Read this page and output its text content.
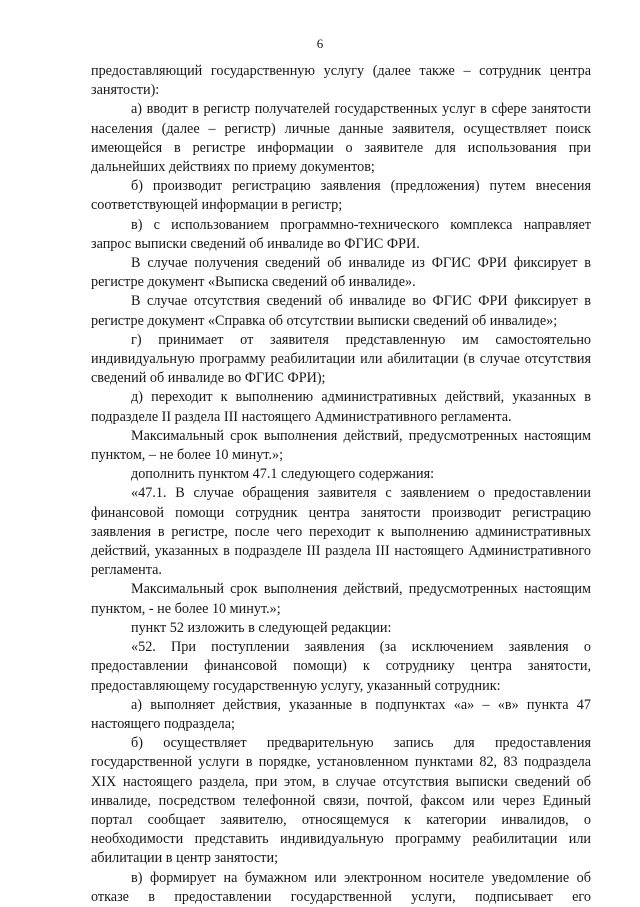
6

предоставляющий государственную услугу (далее также – сотрудник центра занятости):

а) вводит в регистр получателей государственных услуг в сфере занятости населения (далее – регистр) личные данные заявителя, осуществляет поиск имеющейся в регистре информации о заявителе для использования при дальнейших действиях по приему документов;

б) производит регистрацию заявления (предложения) путем внесения соответствующей информации в регистр;

в) с использованием программно-технического комплекса направляет запрос выписки сведений об инвалиде во ФГИС ФРИ.

В случае получения сведений об инвалиде из ФГИС ФРИ фиксирует в регистре документ «Выписка сведений об инвалиде».

В случае отсутствия сведений об инвалиде во ФГИС ФРИ фиксирует в регистре документ «Справка об отсутствии выписки сведений об инвалиде»;

г) принимает от заявителя представленную им самостоятельно индивидуальную программу реабилитации или абилитации (в случае отсутствия сведений об инвалиде во ФГИС ФРИ);

д) переходит к выполнению административных действий, указанных в подразделе II раздела III настоящего Административного регламента.

Максимальный срок выполнения действий, предусмотренных настоящим пунктом, – не более 10 минут.»;

дополнить пунктом 47.1 следующего содержания:

«47.1. В случае обращения заявителя с заявлением о предоставлении финансовой помощи сотрудник центра занятости производит регистрацию заявления в регистре, после чего переходит к выполнению административных действий, указанных в подразделе III раздела III настоящего Административного регламента.

Максимальный срок выполнения действий, предусмотренных настоящим пунктом, - не более 10 минут.»;

пункт 52 изложить в следующей редакции:

«52. При поступлении заявления (за исключением заявления о предоставлении финансовой помощи) к сотруднику центра занятости, предоставляющему государственную услугу, указанный сотрудник:

а) выполняет действия, указанные в подпунктах «а» – «в» пункта 47 настоящего подраздела;

б) осуществляет предварительную запись для предоставления государственной услуги в порядке, установленном пунктами 82, 83 подраздела XIX настоящего раздела, при этом, в случае отсутствия выписки сведений об инвалиде, посредством телефонной связи, почтой, факсом или через Единый портал сообщает заявителю, относящемуся к категории инвалидов, о необходимости представить индивидуальную программу реабилитации или абилитации в центр занятости;

в) формирует на бумажном или электронном носителе уведомление об отказе в предоставлении государственной услуги, подписывает его
